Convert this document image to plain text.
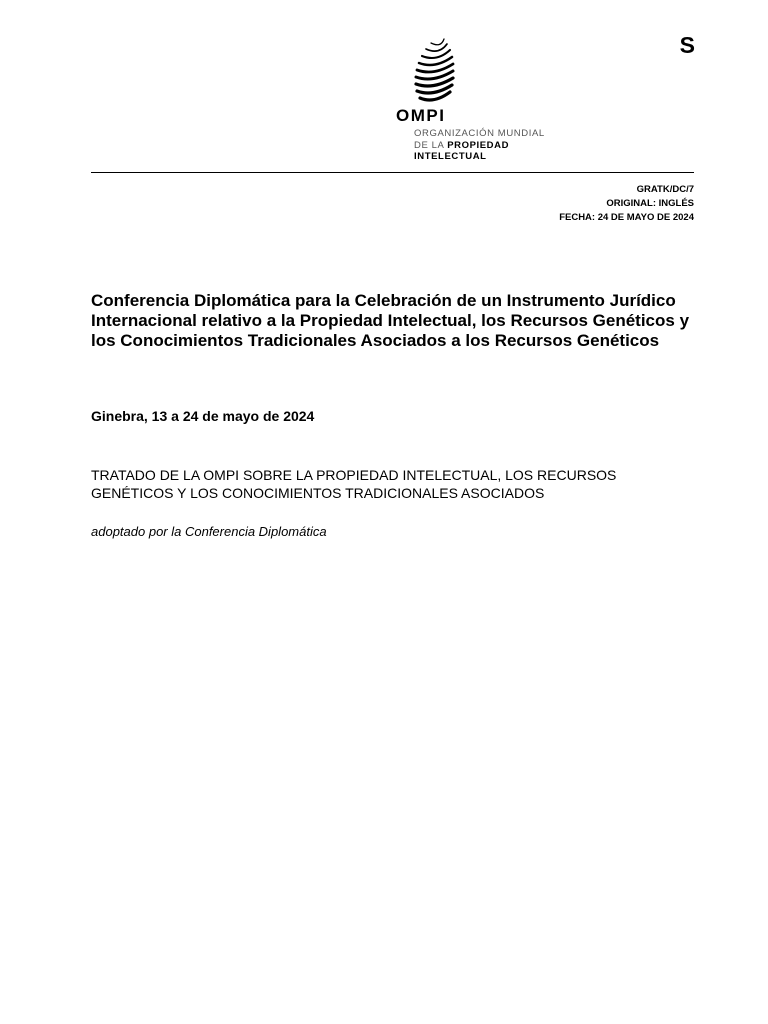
S
OMPI
ORGANIZACIÓN MUNDIAL
DE LA PROPIEDAD
INTELECTUAL
GRATK/DC/7
ORIGINAL: INGLÉS
FECHA: 24 DE MAYO DE 2024
Conferencia Diplomática para la Celebración de un Instrumento Jurídico Internacional relativo a la Propiedad Intelectual, los Recursos Genéticos y los Conocimientos Tradicionales Asociados a los Recursos Genéticos
Ginebra, 13 a 24 de mayo de 2024
TRATADO DE LA OMPI SOBRE LA PROPIEDAD INTELECTUAL, LOS RECURSOS GENÉTICOS Y LOS CONOCIMIENTOS TRADICIONALES ASOCIADOS
adoptado por la Conferencia Diplomática
